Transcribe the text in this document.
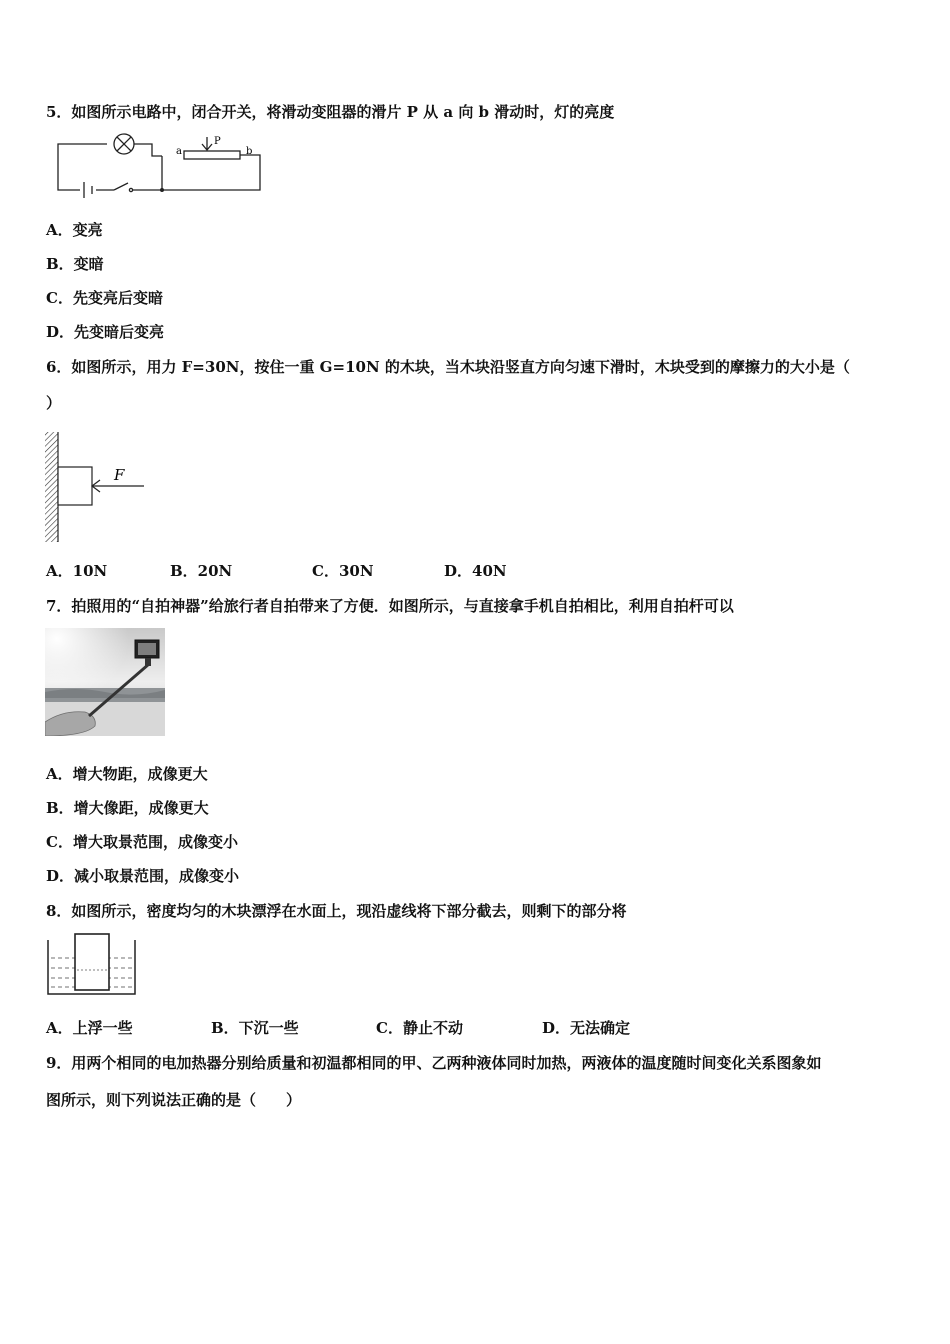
5．如图所示电路中，闭合开关，将滑动变阻器的滑片 P 从 a 向 b 滑动时，灯的亮度
P
a	b
A．变亮
B．变暗
C．先变亮后变暗
D．先变暗后变亮
6．如图所示，用力 F=30N，按住一重 G=10N 的木块，当木块沿竖直方向匀速下滑时，木块受到的摩擦力的大小是（
）
F
A．10N	B．20N	C．30N	D．40N
7．拍照用的“自拍神器”给旅行者自拍带来了方便．如图所示，与直接拿手机自拍相比，利用自拍杆可以
A．增大物距，成像更大
B．增大像距，成像更大
C．增大取景范围，成像变小
D．减小取景范围，成像变小
8．如图所示，密度均匀的木块漂浮在水面上，现沿虚线将下部分截去，则剩下的部分将
A．上浮一些	B．下沉一些	C．静止不动	D．无法确定
9．用两个相同的电加热器分别给质量和初温都相同的甲、乙两种液体同时加热，两液体的温度随时间变化关系图象如
图所示，则下列说法正确的是（　　）
